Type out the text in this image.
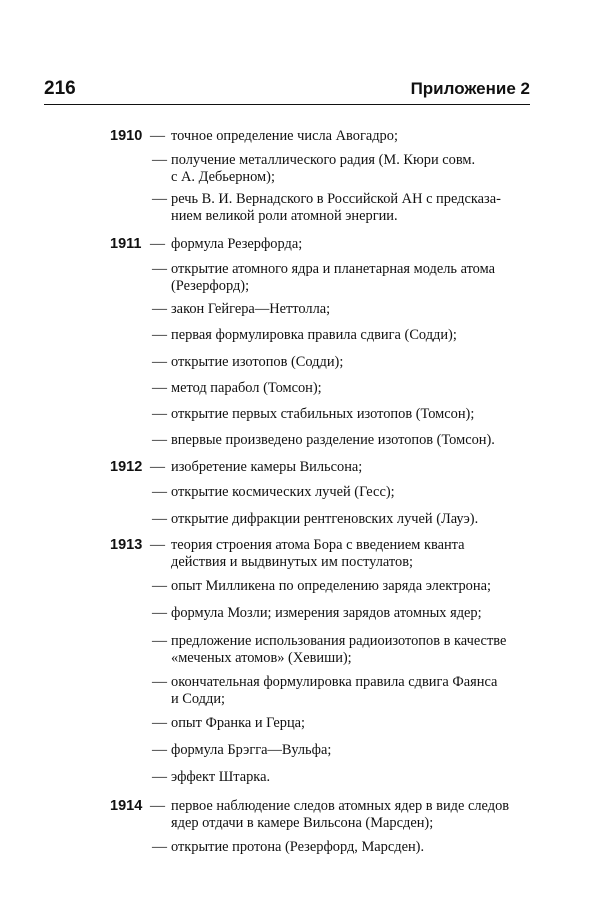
216	Приложение 2
1910 — точное определение числа Авогадро;
— получение металлического радия (М. Кюри совм.
с А. Дебьерном);
— речь В. И. Вернадского в Российской АН с предсказа-
нием великой роли атомной энергии.
1911 — формула Резерфорда;
— открытие атомного ядра и планетарная модель атома
(Резерфорд);
— закон Гейгера—Неттолла;
— первая формулировка правила сдвига (Содди);
— открытие изотопов (Содди);
— метод парабол (Томсон);
— открытие первых стабильных изотопов (Томсон);
— впервые произведено разделение изотопов (Томсон).
1912 — изобретение камеры Вильсона;
— открытие космических лучей (Гесс);
— открытие дифракции рентгеновских лучей (Лауэ).
1913 — теория строения атома Бора с введением кванта
действия и выдвинутых им постулатов;
— опыт Милликена по определению заряда электрона;
— формула Мозли; измерения зарядов атомных ядер;
— предложение использования радиоизотопов в качестве
«меченых атомов» (Хевиши);
— окончательная формулировка правила сдвига Фаянса
и Содди;
— опыт Франка и Герца;
— формула Брэгга—Вульфа;
— эффект Штарка.
1914 — первое наблюдение следов атомных ядер в виде следов
ядер отдачи в камере Вильсона (Марсден);
— открытие протона (Резерфорд, Марсден).
